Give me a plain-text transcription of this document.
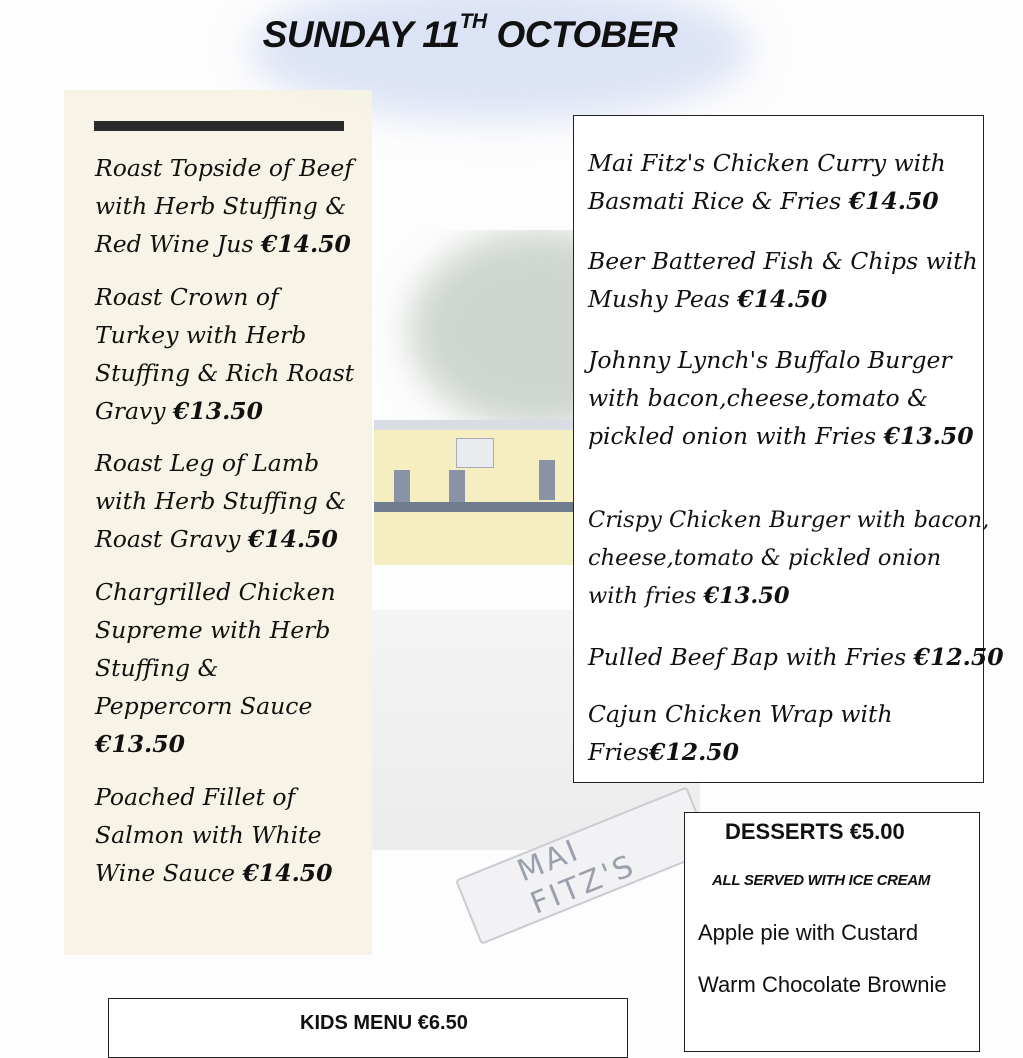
MAI FITZ'S
SUNDAY 11TH OCTOBER
Roast Topside of Beef
with Herb Stuffing &
Red Wine Jus €14.50
Roast Crown of
Turkey with Herb
Stuffing & Rich Roast
Gravy €13.50
Roast Leg of Lamb
with Herb Stuffing &
Roast Gravy €14.50
Chargrilled Chicken
Supreme with Herb
Stuffing &
Peppercorn Sauce
€13.50
Poached Fillet of
Salmon with White
Wine Sauce €14.50
Mai Fitz's Chicken Curry with
Basmati Rice & Fries €14.50
Beer Battered Fish & Chips with
Mushy Peas €14.50
Johnny Lynch's Buffalo Burger
with bacon,cheese,tomato &
pickled onion with Fries €13.50
Crispy Chicken Burger with bacon,
cheese,tomato & pickled onion
with fries €13.50
Pulled Beef Bap with Fries €12.50
Cajun Chicken Wrap with
Fries€12.50
DESSERTS €5.00
ALL SERVED WITH ICE CREAM
Apple pie with Custard
Warm Chocolate Brownie
KIDS MENU €6.50
